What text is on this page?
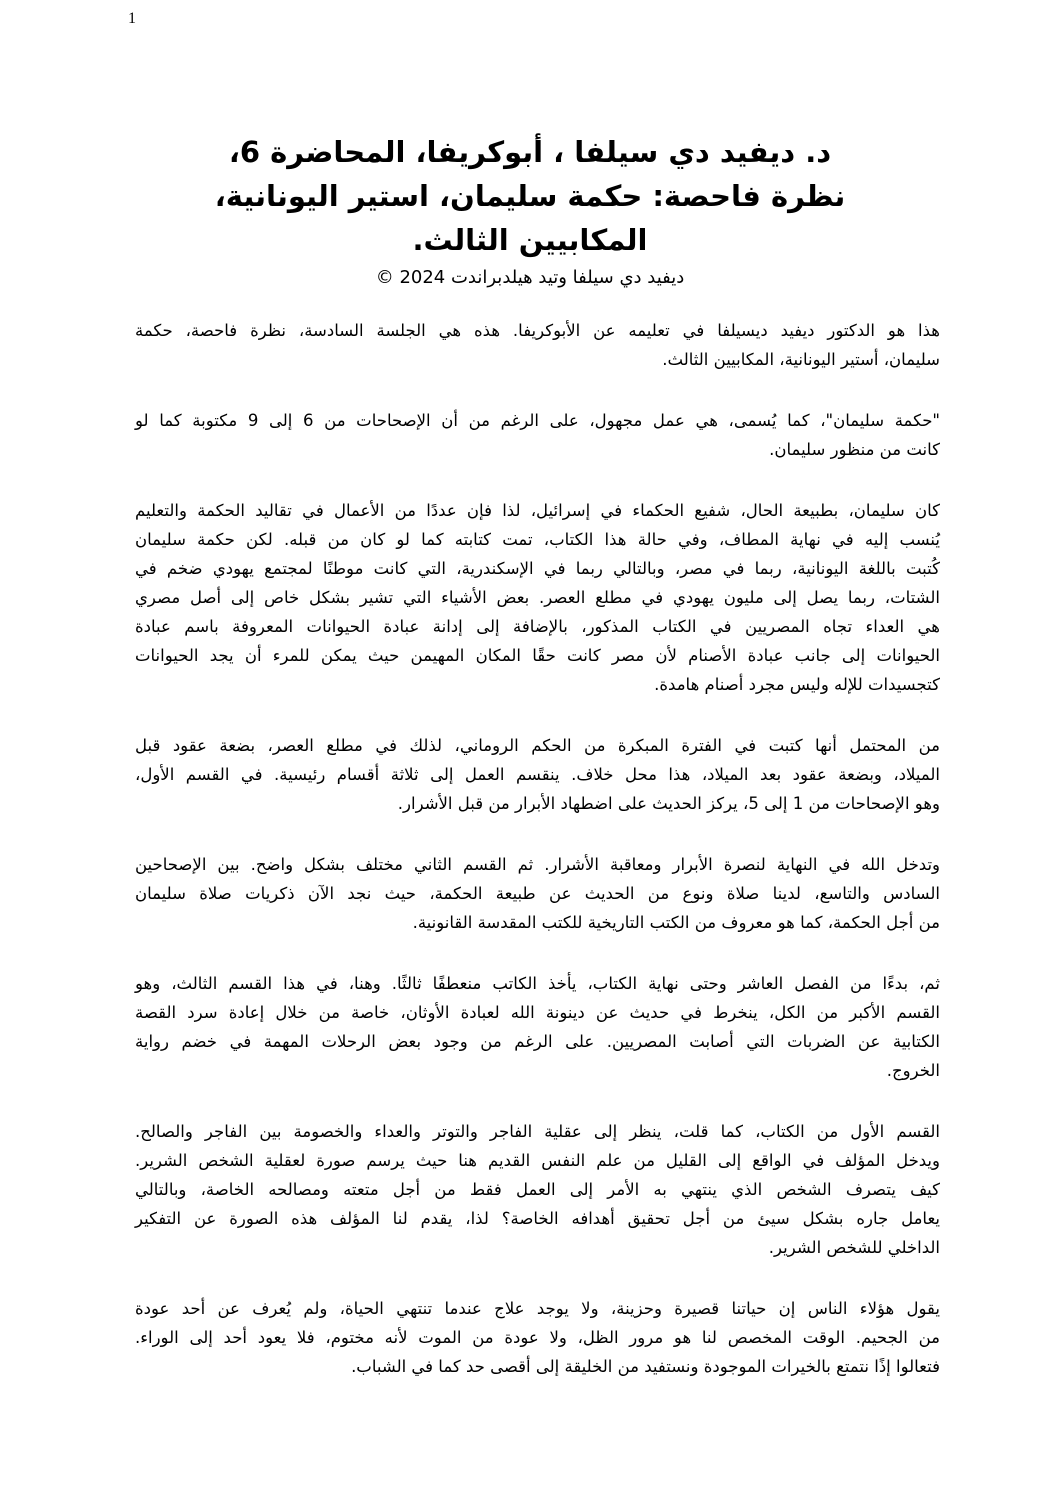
1
د. ديفيد دي سيلفا ، أبوكريفا، المحاضرة 6،
نظرة فاحصة: حكمة سليمان، استير اليونانية،
المكابيين الثالث.
ديفيد دي سيلفا وتيد هيلدبراندت 2024 ©
هذا هو الدكتور ديفيد ديسيلفا في تعليمه عن الأبوكريفا. هذه هي الجلسة السادسة، نظرة فاحصة، حكمة
سليمان، أستير اليونانية، المكابيين الثالث.
"حكمة سليمان"، كما يُسمى، هي عمل مجهول، على الرغم من أن الإصحاحات من 6 إلى 9 مكتوبة كما لو
كانت من منظور سليمان.
كان سليمان، بطبيعة الحال، شفيع الحكماء في إسرائيل، لذا فإن عددًا من الأعمال في تقاليد الحكمة والتعليم
يُنسب إليه في نهاية المطاف، وفي حالة هذا الكتاب، تمت كتابته كما لو كان من قبله. لكن حكمة سليمان
كُتبت باللغة اليونانية، ربما في مصر، وبالتالي ربما في الإسكندرية، التي كانت موطنًا لمجتمع يهودي ضخم في
الشتات، ربما يصل إلى مليون يهودي في مطلع العصر. بعض الأشياء التي تشير بشكل خاص إلى أصل مصري
هي العداء تجاه المصريين في الكتاب المذكور، بالإضافة إلى إدانة عبادة الحيوانات المعروفة باسم عبادة
الحيوانات إلى جانب عبادة الأصنام لأن مصر كانت حقًا المكان المهيمن حيث يمكن للمرء أن يجد الحيوانات
كتجسيدات للإله وليس مجرد أصنام هامدة.
من المحتمل أنها كتبت في الفترة المبكرة من الحكم الروماني، لذلك في مطلع العصر، بضعة عقود قبل
الميلاد، وبضعة عقود بعد الميلاد، هذا محل خلاف. ينقسم العمل إلى ثلاثة أقسام رئيسية. في القسم الأول،
وهو الإصحاحات من 1 إلى 5، يركز الحديث على اضطهاد الأبرار من قبل الأشرار.
وتدخل الله في النهاية لنصرة الأبرار ومعاقبة الأشرار. ثم القسم الثاني مختلف بشكل واضح. بين الإصحاحين
السادس والتاسع، لدينا صلاة ونوع من الحديث عن طبيعة الحكمة، حيث نجد الآن ذكريات صلاة سليمان
من أجل الحكمة، كما هو معروف من الكتب التاريخية للكتب المقدسة القانونية.
ثم، بدءًا من الفصل العاشر وحتى نهاية الكتاب، يأخذ الكاتب منعطفًا ثالثًا. وهنا، في هذا القسم الثالث، وهو
القسم الأكبر من الكل، ينخرط في حديث عن دينونة الله لعبادة الأوثان، خاصة من خلال إعادة سرد القصة
الكتابية عن الضربات التي أصابت المصريين. على الرغم من وجود بعض الرحلات المهمة في خضم رواية
الخروج.
القسم الأول من الكتاب، كما قلت، ينظر إلى عقلية الفاجر والتوتر والعداء والخصومة بين الفاجر والصالح.
ويدخل المؤلف في الواقع إلى القليل من علم النفس القديم هنا حيث يرسم صورة لعقلية الشخص الشرير.
كيف يتصرف الشخص الذي ينتهي به الأمر إلى العمل فقط من أجل متعته ومصالحه الخاصة، وبالتالي
يعامل جاره بشكل سيئ من أجل تحقيق أهدافه الخاصة؟ لذا، يقدم لنا المؤلف هذه الصورة عن التفكير
الداخلي للشخص الشرير.
يقول هؤلاء الناس إن حياتنا قصيرة وحزينة، ولا يوجد علاج عندما تنتهي الحياة، ولم يُعرف عن أحد عودة
من الجحيم. الوقت المخصص لنا هو مرور الظل، ولا عودة من الموت لأنه مختوم، فلا يعود أحد إلى الوراء.
فتعالوا إذًا نتمتع بالخيرات الموجودة ونستفيد من الخليقة إلى أقصى حد كما في الشباب.
